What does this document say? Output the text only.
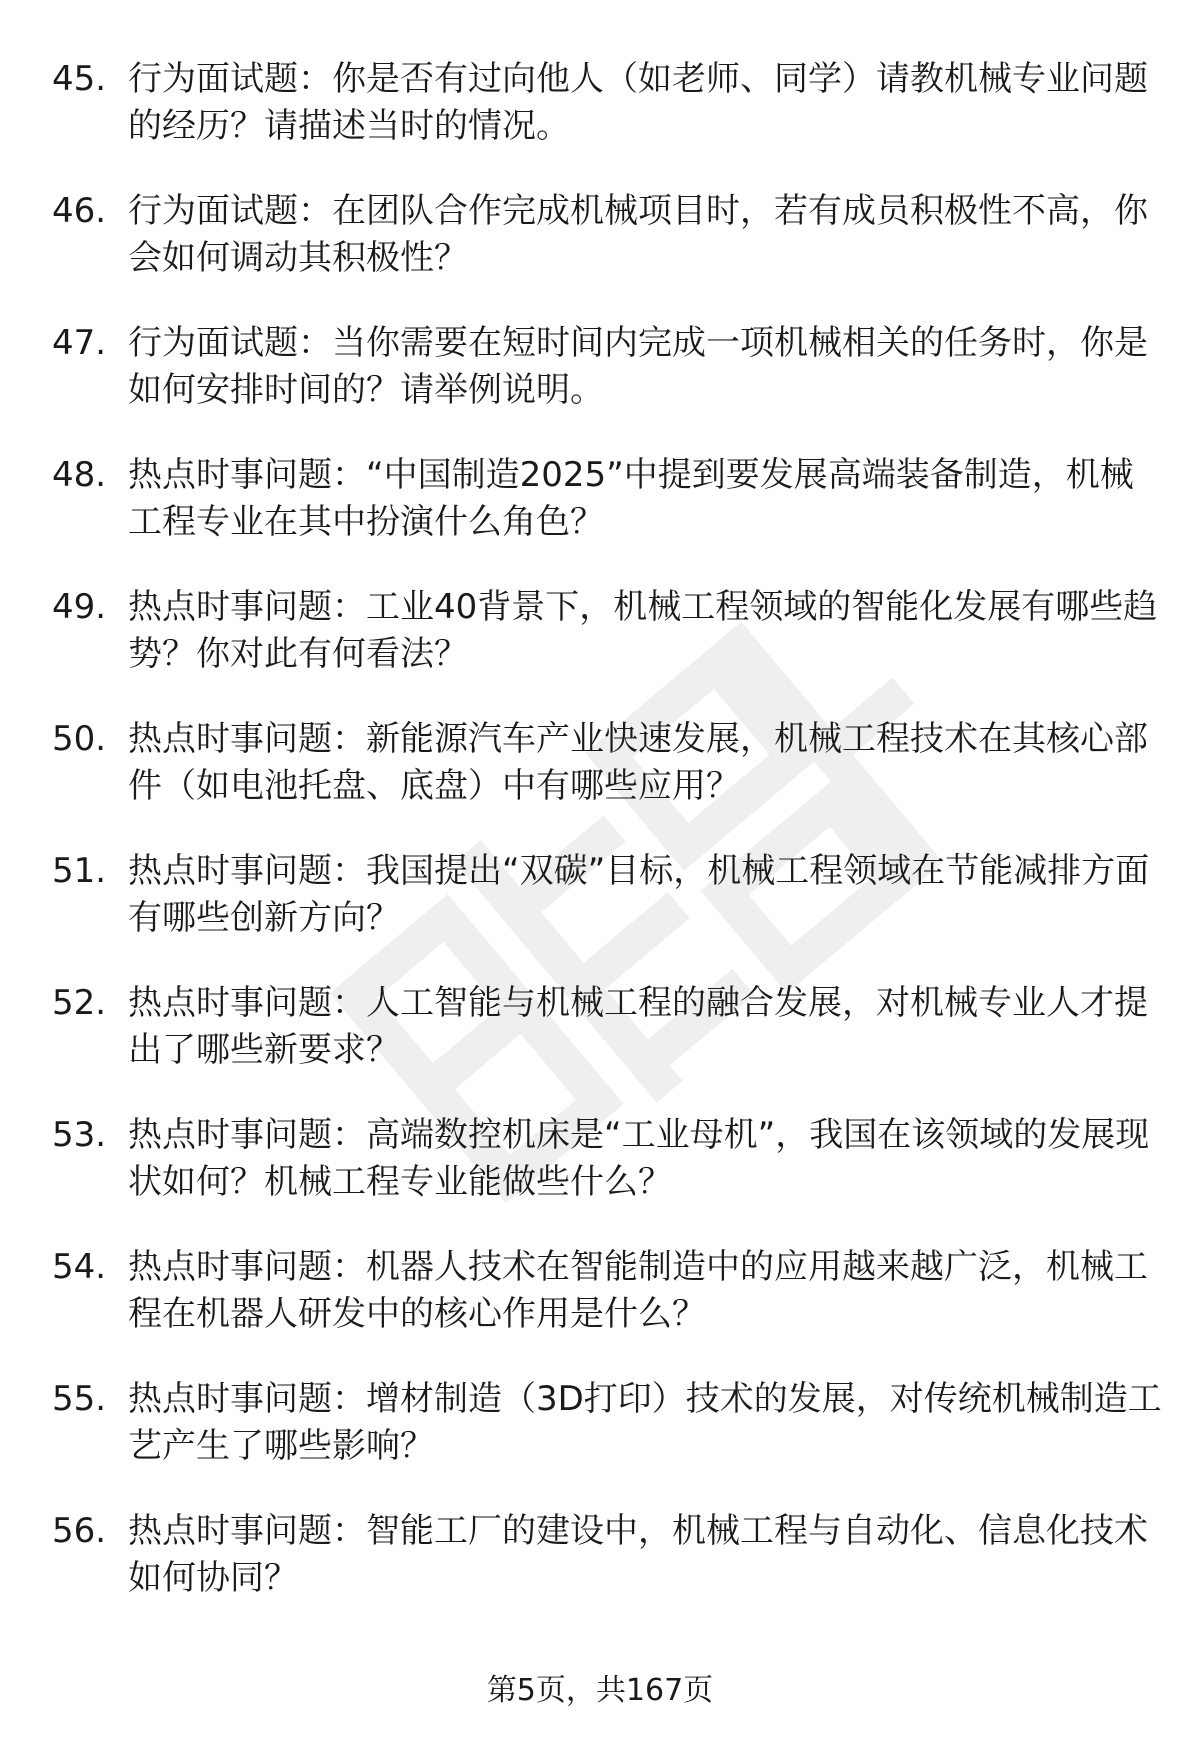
45. 行为面试题：你是否有过向他人（如老师、同学）请教机械专业问题的经历？请描述当时的情况。
46. 行为面试题：在团队合作完成机械项目时，若有成员积极性不高，你会如何调动其积极性？
47. 行为面试题：当你需要在短时间内完成一项机械相关的任务时，你是如何安排时间的？请举例说明。
48. 热点时事问题：“中国制造2025”中提到要发展高端装备制造，机械工程专业在其中扮演什么角色？
49. 热点时事问题：工业40背景下，机械工程领域的智能化发展有哪些趋势？你对此有何看法？
50. 热点时事问题：新能源汽车产业快速发展，机械工程技术在其核心部件（如电池托盘、底盘）中有哪些应用？
51. 热点时事问题：我国提出“双碳”目标，机械工程领域在节能减排方面有哪些创新方向？
52. 热点时事问题：人工智能与机械工程的融合发展，对机械专业人才提出了哪些新要求？
53. 热点时事问题：高端数控机床是“工业母机”，我国在该领域的发展现状如何？机械工程专业能做些什么？
54. 热点时事问题：机器人技术在智能制造中的应用越来越广泛，机械工程在机器人研发中的核心作用是什么？
55. 热点时事问题：增材制造（3D打印）技术的发展，对传统机械制造工艺产生了哪些影响？
56. 热点时事问题：智能工厂的建设中，机械工程与自动化、信息化技术如何协同？
第5页，共167页
